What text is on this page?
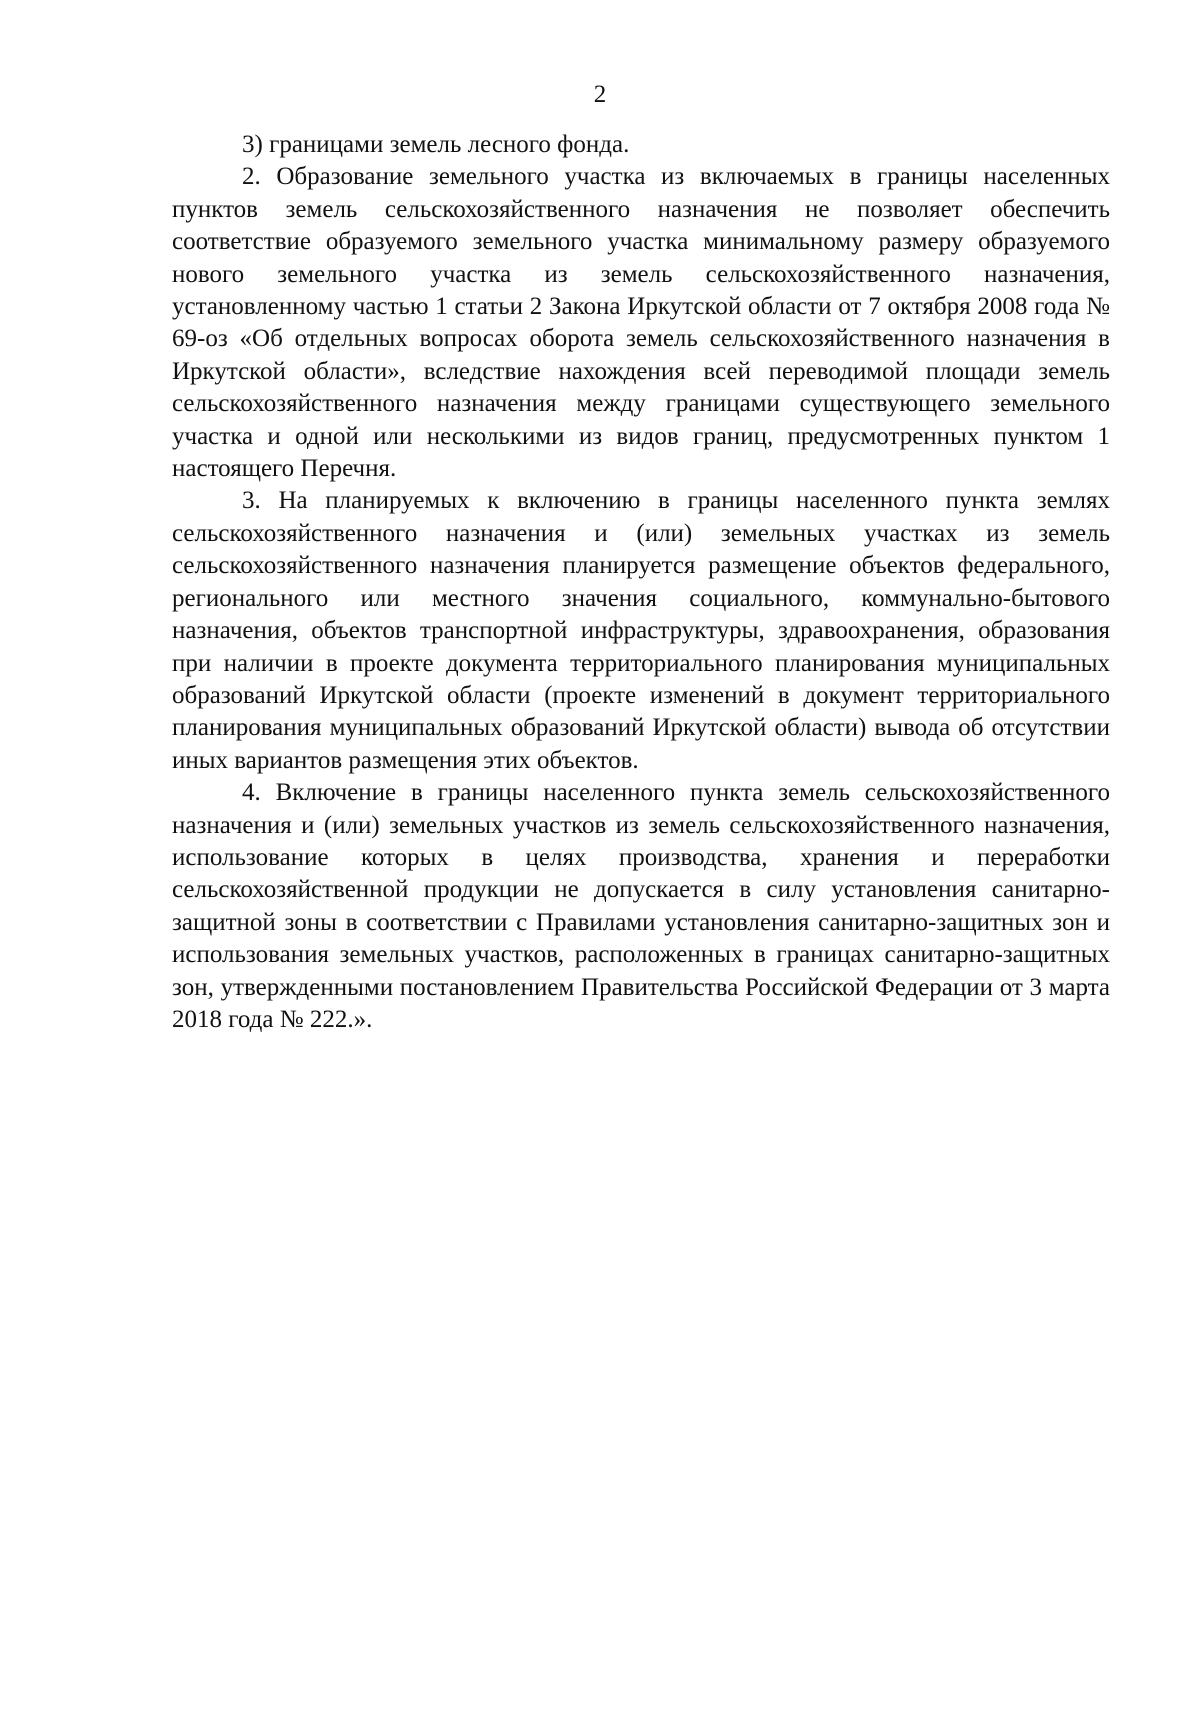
2

3) границами земель лесного фонда.

2. Образование земельного участка из включаемых в границы населенных пунктов земель сельскохозяйственного назначения не позволяет обеспечить соответствие образуемого земельного участка минимальному размеру образуемого нового земельного участка из земель сельскохозяйственного назначения, установленному частью 1 статьи 2 Закона Иркутской области от 7 октября 2008 года № 69-оз «Об отдельных вопросах оборота земель сельскохозяйственного назначения в Иркутской области», вследствие нахождения всей переводимой площади земель сельскохозяйственного назначения между границами существующего земельного участка и одной или несколькими из видов границ, предусмотренных пунктом 1 настоящего Перечня.

3. На планируемых к включению в границы населенного пункта землях сельскохозяйственного назначения и (или) земельных участках из земель сельскохозяйственного назначения планируется размещение объектов федерального, регионального или местного значения социального, коммунально-бытового назначения, объектов транспортной инфраструктуры, здравоохранения, образования при наличии в проекте документа территориального планирования муниципальных образований Иркутской области (проекте изменений в документ территориального планирования муниципальных образований Иркутской области) вывода об отсутствии иных вариантов размещения этих объектов.

4. Включение в границы населенного пункта земель сельскохозяйственного назначения и (или) земельных участков из земель сельскохозяйственного назначения, использование которых в целях производства, хранения и переработки сельскохозяйственной продукции не допускается в силу установления санитарно-защитной зоны в соответствии с Правилами установления санитарно-защитных зон и использования земельных участков, расположенных в границах санитарно-защитных зон, утвержденными постановлением Правительства Российской Федерации от 3 марта 2018 года № 222.».
